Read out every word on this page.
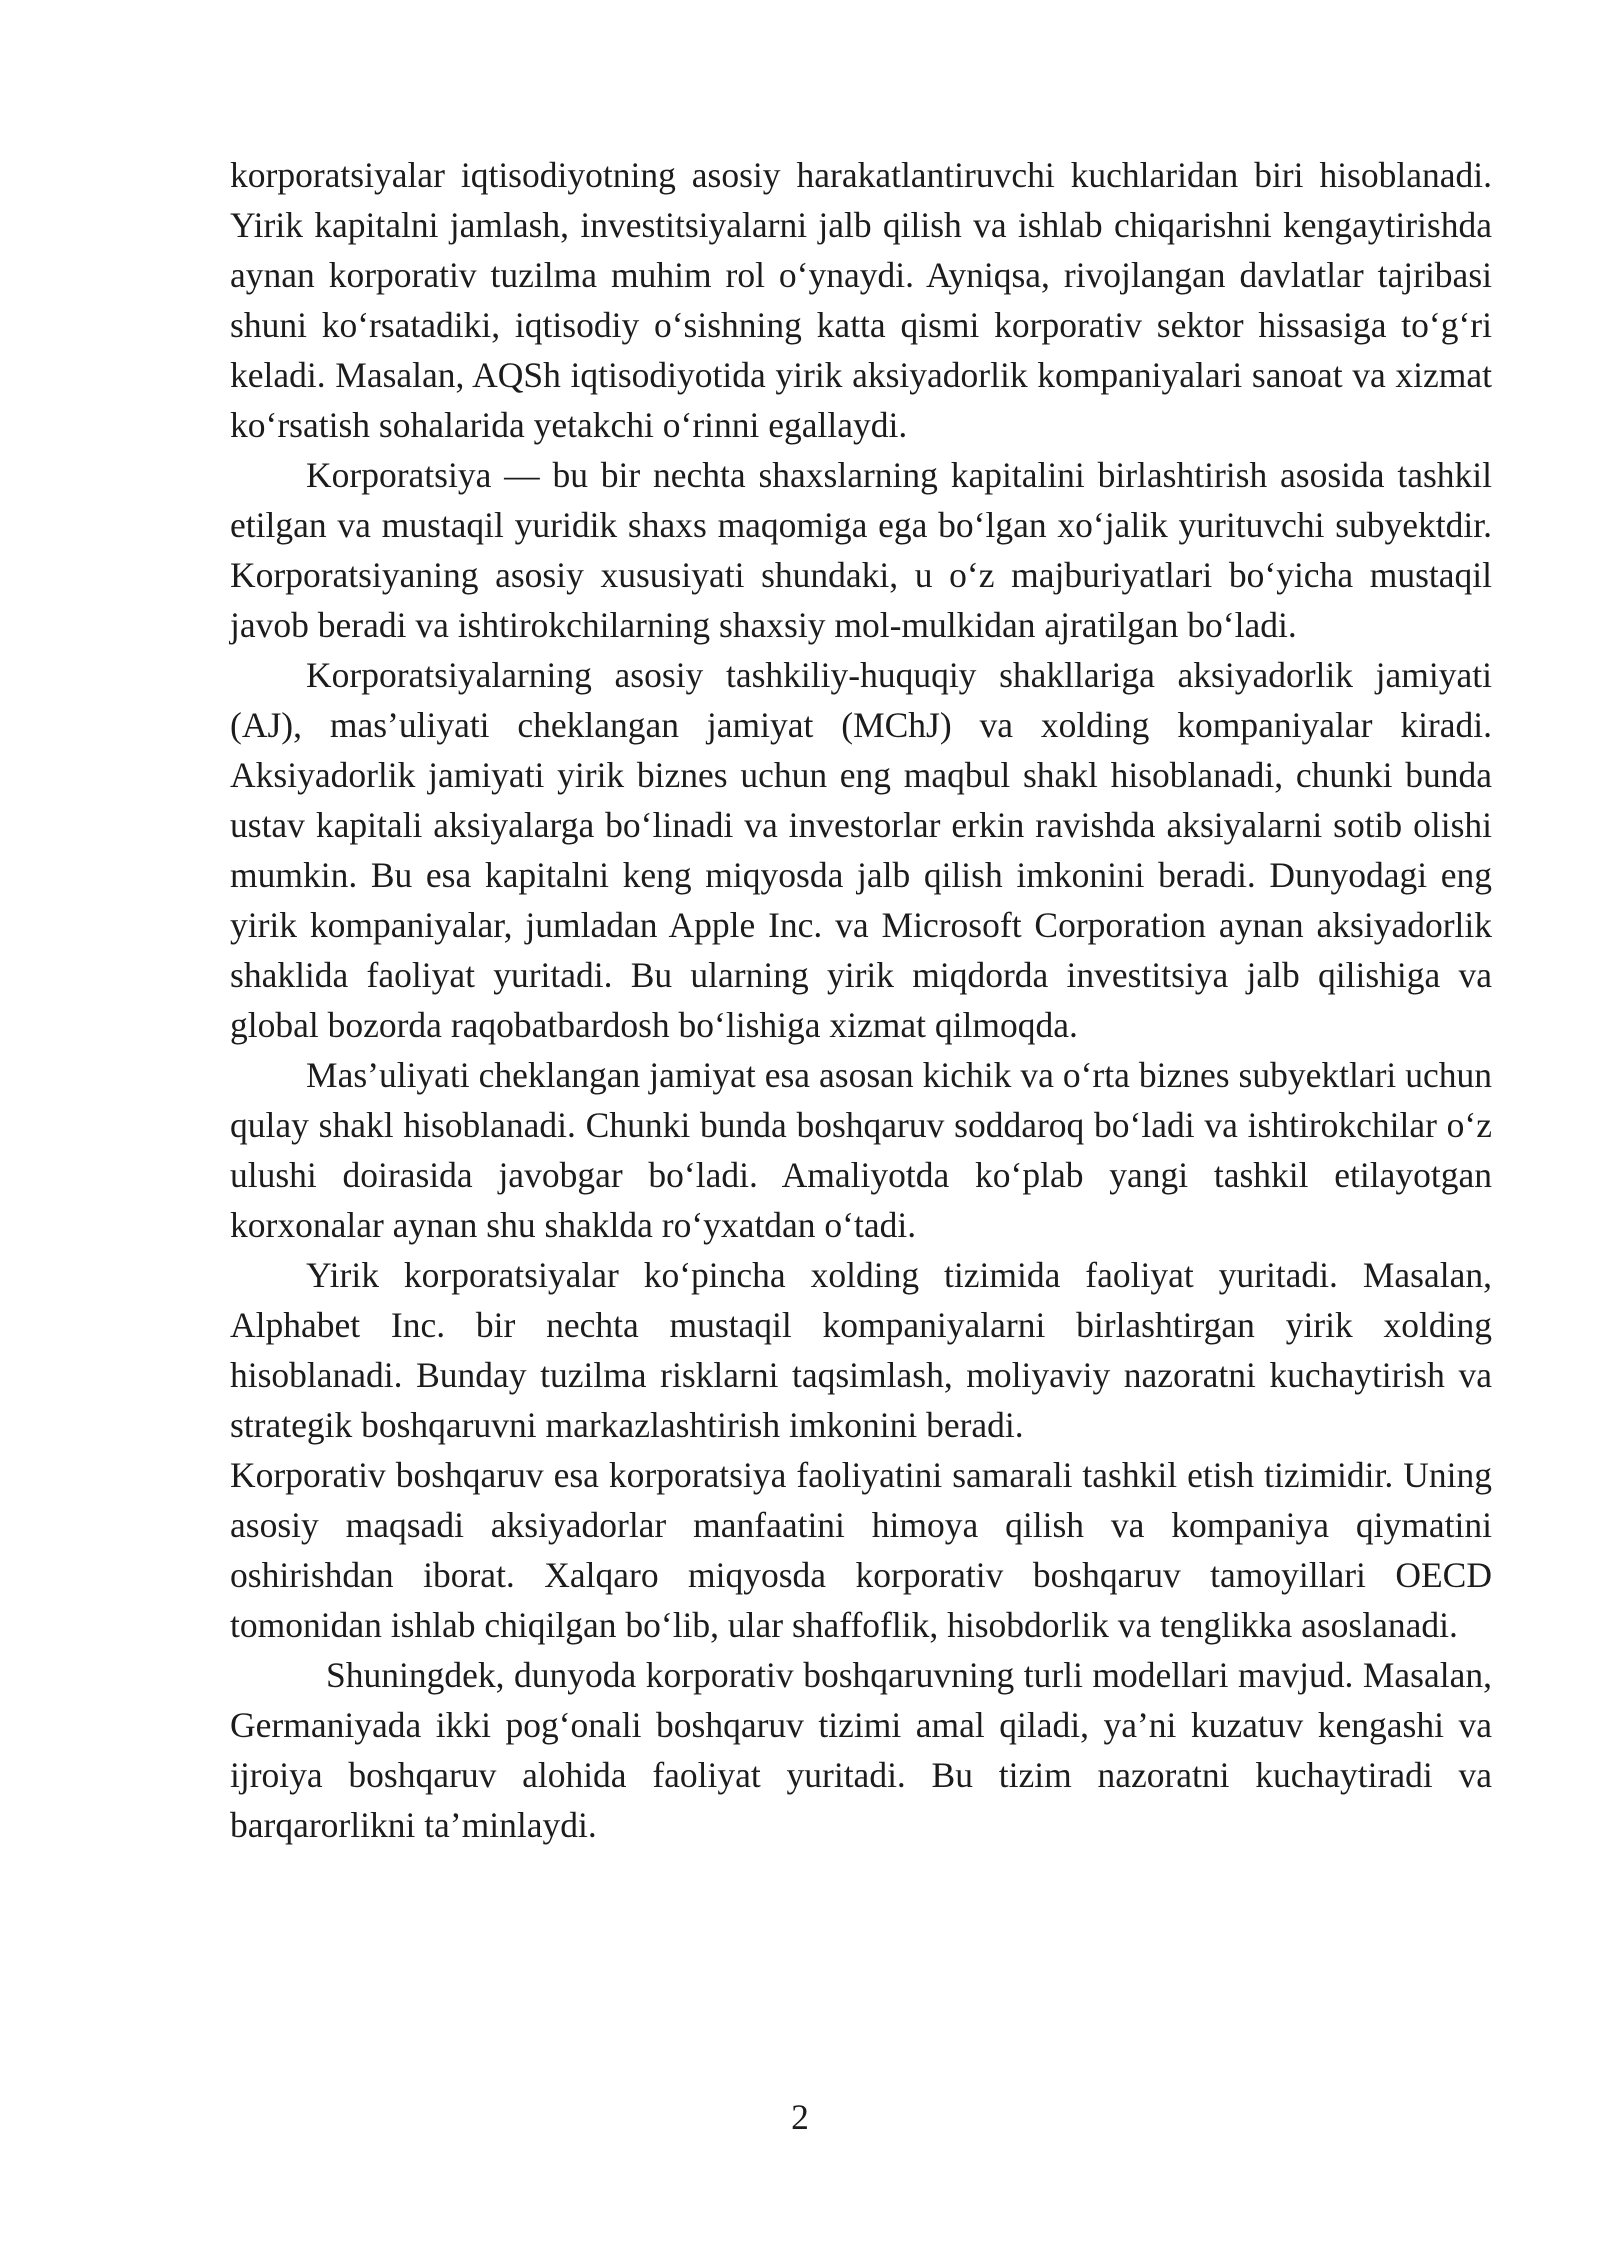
korporatsiyalar iqtisodiyotning asosiy harakatlantiruvchi kuchlaridan biri hisoblanadi. Yirik kapitalni jamlash, investitsiyalarni jalb qilish va ishlab chiqarishni kengaytirishda aynan korporativ tuzilma muhim rol o‘ynaydi. Ayniqsa, rivojlangan davlatlar tajribasi shuni ko‘rsatadiki, iqtisodiy o‘sishning katta qismi korporativ sektor hissasiga to‘g‘ri keladi. Masalan, AQSh iqtisodiyotida yirik aksiyadorlik kompaniyalari sanoat va xizmat ko‘rsatish sohalarida yetakchi o‘rinni egallaydi.

Korporatsiya — bu bir nechta shaxslarning kapitalini birlashtirish asosida tashkil etilgan va mustaqil yuridik shaxs maqomiga ega bo‘lgan xo‘jalik yurituvchi subyektdir. Korporatsiyaning asosiy xususiyati shundaki, u o‘z majburiyatlari bo‘yicha mustaqil javob beradi va ishtirokchilarning shaxsiy mol-mulkidan ajratilgan bo‘ladi.

Korporatsiyalarning asosiy tashkiliy-huquqiy shakllariga aksiyadorlik jamiyati (AJ), mas’uliyati cheklangan jamiyat (MChJ) va xolding kompaniyalar kiradi. Aksiyadorlik jamiyati yirik biznes uchun eng maqbul shakl hisoblanadi, chunki bunda ustav kapitali aksiyalarga bo‘linadi va investorlar erkin ravishda aksiyalarni sotib olishi mumkin. Bu esa kapitalni keng miqyosda jalb qilish imkonini beradi. Dunyodagi eng yirik kompaniyalar, jumladan Apple Inc. va Microsoft Corporation aynan aksiyadorlik shaklida faoliyat yuritadi. Bu ularning yirik miqdorda investitsiya jalb qilishiga va global bozorda raqobatbardosh bo‘lishiga xizmat qilmoqda.

Mas’uliyati cheklangan jamiyat esa asosan kichik va o‘rta biznes subyektlari uchun qulay shakl hisoblanadi. Chunki bunda boshqaruv soddaroq bo‘ladi va ishtirokchilar o‘z ulushi doirasida javobgar bo‘ladi. Amaliyotda ko‘plab yangi tashkil etilayotgan korxonalar aynan shu shaklda ro‘yxatdan o‘tadi.

Yirik korporatsiyalar ko‘pincha xolding tizimida faoliyat yuritadi. Masalan, Alphabet Inc. bir nechta mustaqil kompaniyalarni birlashtirgan yirik xolding hisoblanadi. Bunday tuzilma risklarni taqsimlash, moliyaviy nazoratni kuchaytirish va strategik boshqaruvni markazlashtirish imkonini beradi.

Korporativ boshqaruv esa korporatsiya faoliyatini samarali tashkil etish tizimidir. Uning asosiy maqsadi aksiyadorlar manfaatini himoya qilish va kompaniya qiymatini oshirishdan iborat. Xalqaro miqyosda korporativ boshqaruv tamoyillari OECD tomonidan ishlab chiqilgan bo‘lib, ular shaffoflik, hisobdorlik va tenglikka asoslanadi.

Shuningdek, dunyoda korporativ boshqaruvning turli modellari mavjud. Masalan, Germaniyada ikki pog‘onali boshqaruv tizimi amal qiladi, ya’ni kuzatuv kengashi va ijroiya boshqaruv alohida faoliyat yuritadi. Bu tizim nazoratni kuchaytiradi va barqarorlikni ta’minlaydi.

2
